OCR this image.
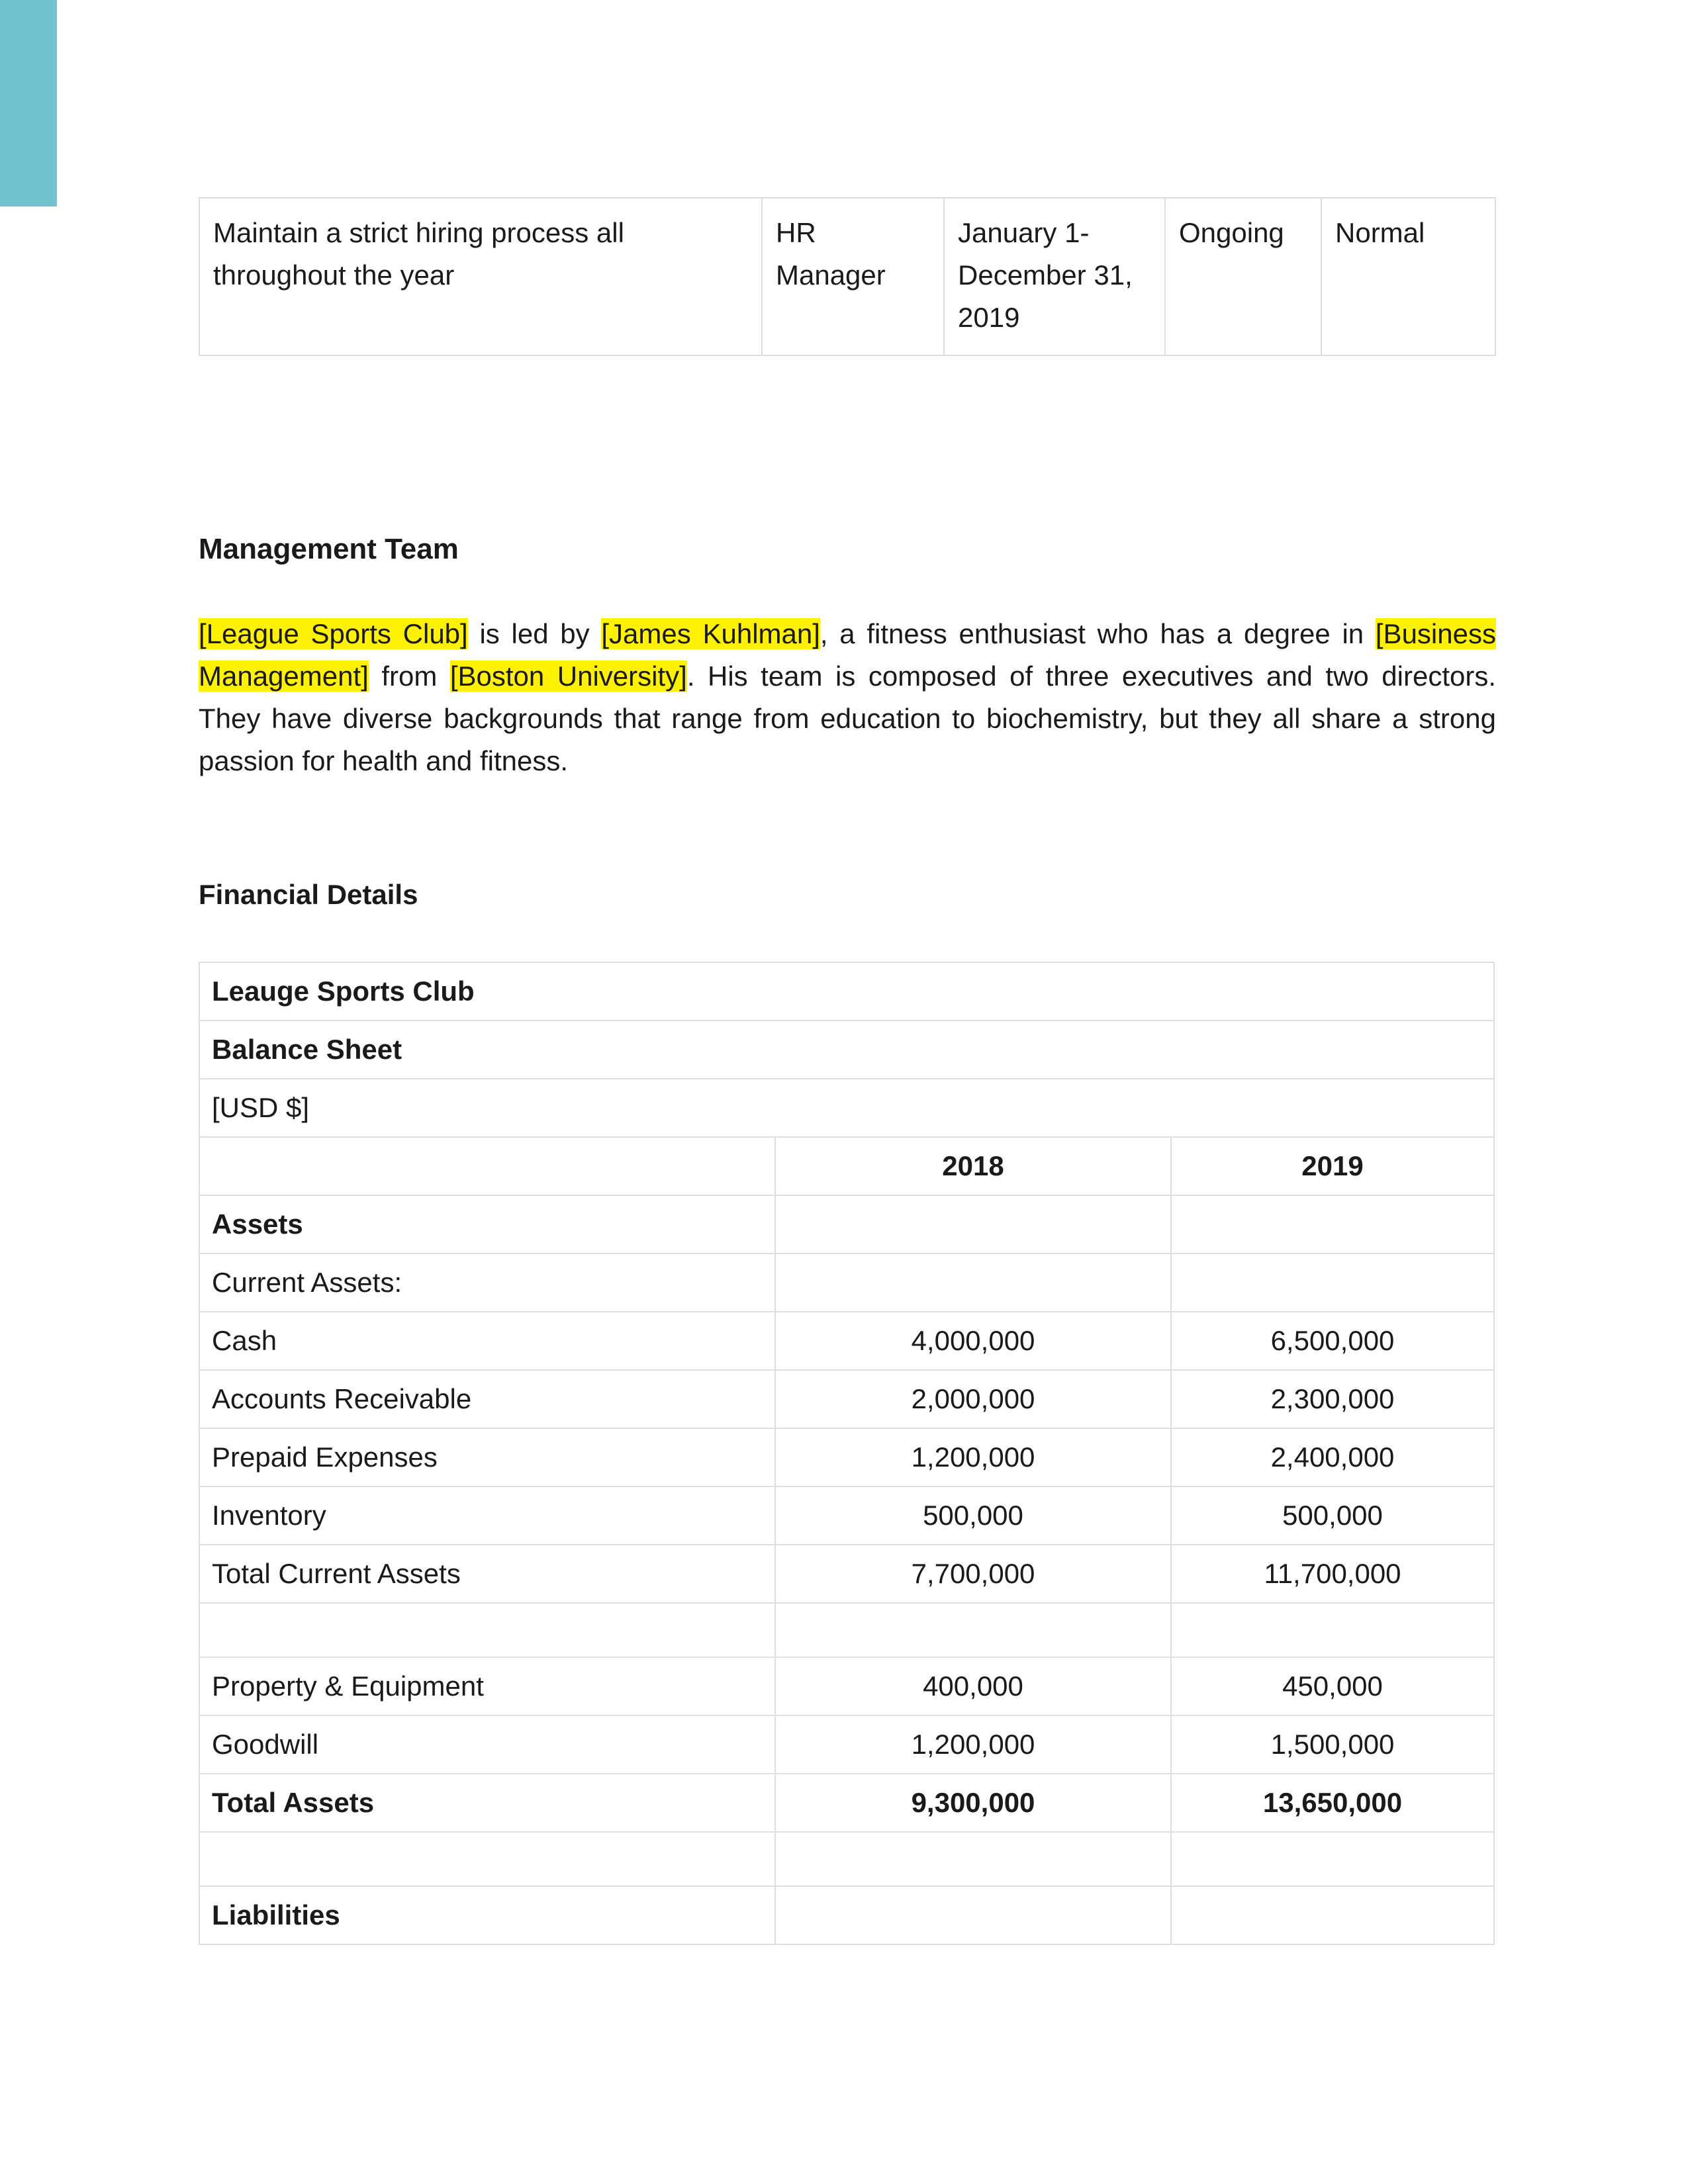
Maintain a strict hiring process all throughout the year	HR Manager	January 1- December 31, 2019	Ongoing	Normal
Management Team

[League Sports Club] is led by [James Kuhlman], a fitness enthusiast who has a degree in [Business Management] from [Boston University]. His team is composed of three executives and two directors. They have diverse backgrounds that range from education to biochemistry, but they all share a strong passion for health and fitness.

Financial Details
Leauge Sports Club		
Balance Sheet		
[USD $]		
	2018	2019
Assets		
Current Assets:		
Cash	4,000,000	6,500,000
Accounts Receivable	2,000,000	2,300,000
Prepaid Expenses	1,200,000	2,400,000
Inventory	500,000	500,000
Total Current Assets	7,700,000	11,700,000

Property & Equipment	400,000	450,000
Goodwill	1,200,000	1,500,000
Total Assets	9,300,000	13,650,000

Liabilities		
